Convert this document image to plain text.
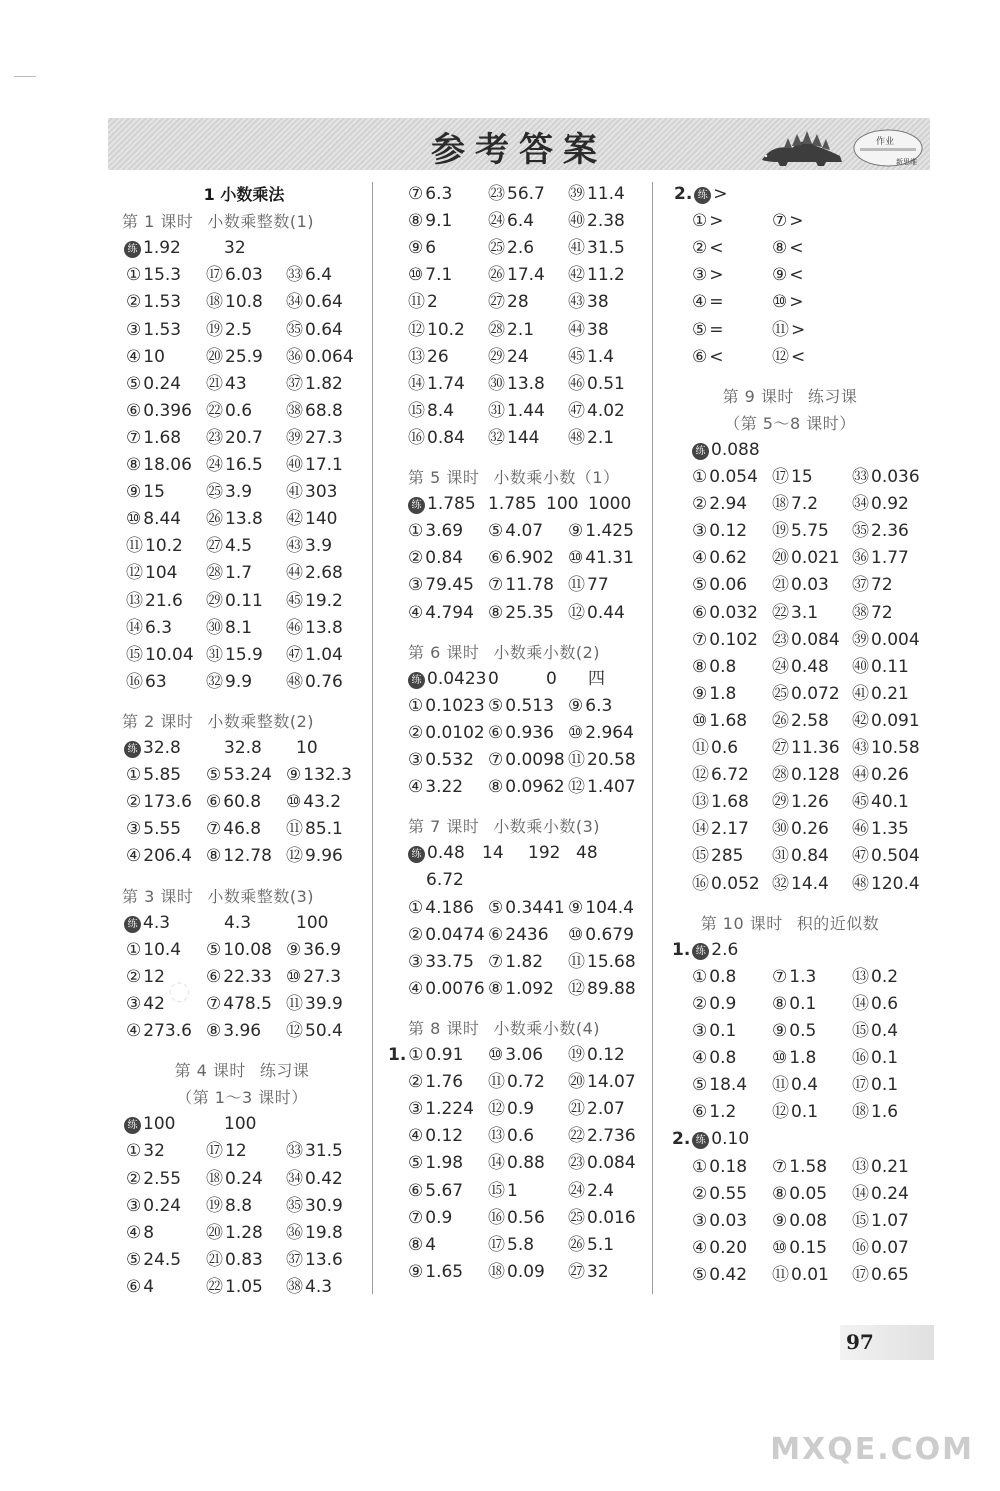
参考答案	作业
新思维
1 小数乘法
第 1 课时 小数乘整数(1)
练 1.92	32
① 15.3 ⑰ 6.03 ㉝ 6.4
② 1.53 ⑱ 10.8 ㉞ 0.64
③ 1.53 ⑲ 2.5 ㉟ 0.64
④ 10 ⑳ 25.9 ㊱ 0.064
⑤ 0.24 ㉑ 43 ㊲ 1.82
⑥ 0.396 ㉒ 0.6 ㊳ 68.8
⑦ 1.68 ㉓ 20.7 ㊴ 27.3
⑧ 18.06 ㉔ 16.5 ㊵ 17.1
⑨ 15 ㉕ 3.9 ㊶ 303
⑩ 8.44 ㉖ 13.8 ㊷ 140
⑪ 10.2 ㉗ 4.5 ㊸ 3.9
⑫ 104 ㉘ 1.7 ㊹ 2.68
⑬ 21.6 ㉙ 0.11 ㊺ 19.2
⑭ 6.3 ㉚ 8.1 ㊻ 13.8
⑮ 10.04 ㉛ 15.9 ㊼ 1.04
⑯ 63 ㉜ 9.9 ㊽ 0.76
第 2 课时 小数乘整数(2)
练 32.8	32.8 10
① 5.85 ⑤ 53.24 ⑨ 132.3
② 173.6 ⑥ 60.8 ⑩ 43.2
③ 5.55 ⑦ 46.8 ⑪ 85.1
④ 206.4 ⑧ 12.78 ⑫ 9.96
第 3 课时 小数乘整数(3)
练 4.3	4.3	100
① 10.4 ⑤ 10.08 ⑨ 36.9
② 12 ⑥ 22.33 ⑩ 27.3
③ 42 ⑦ 478.5 ⑪ 39.9
④ 273.6 ⑧ 3.96 ⑫ 50.4
第 4 课时 练习课
（第 1～3 课时）
练 100	100
① 32 ⑰ 12 ㉝ 31.5
② 2.55 ⑱ 0.24 ㉞ 0.42
③ 0.24 ⑲ 8.8 ㉟ 30.9
④ 8	⑳ 1.28 ㊱ 19.8
⑤ 24.5 ㉑ 0.83 ㊲ 13.6
⑥ 4	㉒ 1.05 ㊳ 4.3
⑦ 6.3 ㉓ 56.7 ㊴ 11.4
⑧ 9.1 ㉔ 6.4 ㊵ 2.38
⑨ 6	㉕ 2.6 ㊶ 31.5
⑩ 7.1 ㉖ 17.4 ㊷ 11.2
⑪ 2	㉗ 28 ㊸ 38
⑫ 10.2 ㉘ 2.1 ㊹ 38
⑬ 26 ㉙ 24 ㊺ 1.4
⑭ 1.74 ㉚ 13.8 ㊻ 0.51
⑮ 8.4 ㉛ 1.44 ㊼ 4.02
⑯ 0.84 ㉜ 144 ㊽ 2.1
第 5 课时 小数乘小数（1）
练 1.785 1.785 100 1000
① 3.69 ⑤ 4.07 ⑨ 1.425
② 0.84 ⑥ 6.902 ⑩ 41.31
③ 79.45 ⑦ 11.78 ⑪ 77
④ 4.794 ⑧ 25.35 ⑫ 0.44
第 6 课时 小数乘小数(2)
练 0.0423 0	0 四
① 0.1023 ⑤ 0.513 ⑨ 6.3
② 0.0102 ⑥ 0.936 ⑩ 2.964
③ 0.532 ⑦ 0.0098 ⑪ 20.58
④ 3.22 ⑧ 0.0962 ⑫ 1.407
第 7 课时 小数乘小数(3)
练 0.48 14 192 48
6.72
① 4.186 ⑤ 0.3441 ⑨ 104.4
② 0.0474 ⑥ 2436 ⑩ 0.679
③ 33.75 ⑦ 1.82 ⑪ 15.68
④ 0.0076 ⑧ 1.092 ⑫ 89.88
第 8 课时 小数乘小数(4)
1. ① 0.91 ⑩ 3.06 ⑲ 0.12
② 1.76 ⑪ 0.72 ⑳ 14.07
③ 1.224 ⑫ 0.9 ㉑ 2.07
④ 0.12 ⑬ 0.6 ㉒ 2.736
⑤ 1.98 ⑭ 0.88 ㉓ 0.084
⑥ 5.67 ⑮ 1	㉔ 2.4
⑦ 0.9 ⑯ 0.56 ㉕ 0.016
⑧ 4	⑰ 5.8 ㉖ 5.1
⑨ 1.65 ⑱ 0.09 ㉗ 32
2. 练 >
① >	⑦ >
② <	⑧ <
③ >	⑨ <
④ =	⑩ >
⑤ =	⑪ >
⑥ <	⑫ <
第 9 课时 练习课
（第 5～8 课时）
练 0.088
① 0.054 ⑰ 15 ㉝ 0.036
② 2.94 ⑱ 7.2 ㉞ 0.92
③ 0.12 ⑲ 5.75 ㉟ 2.36
④ 0.62 ⑳ 0.021 ㊱ 1.77
⑤ 0.06 ㉑ 0.03 ㊲ 72
⑥ 0.032 ㉒ 3.1 ㊳ 72
⑦ 0.102 ㉓ 0.084 ㊴ 0.004
⑧ 0.8 ㉔ 0.48 ㊵ 0.11
⑨ 1.8 ㉕ 0.072 ㊶ 0.21
⑩ 1.68 ㉖ 2.58 ㊷ 0.091
⑪ 0.6 ㉗ 11.36 ㊸ 10.58
⑫ 6.72 ㉘ 0.128 ㊹ 0.26
⑬ 1.68 ㉙ 1.26 ㊺ 40.1
⑭ 2.17 ㉚ 0.26 ㊻ 1.35
⑮ 285 ㉛ 0.84 ㊼ 0.504
⑯ 0.052 ㉜ 14.4 ㊽ 120.4
第 10 课时 积的近似数
1. 练 2.6
① 0.8 ⑦ 1.3 ⑬ 0.2
② 0.9 ⑧ 0.1 ⑭ 0.6
③ 0.1 ⑨ 0.5 ⑮ 0.4
④ 0.8 ⑩ 1.8 ⑯ 0.1
⑤ 18.4 ⑪ 0.4 ⑰ 0.1
⑥ 1.2 ⑫ 0.1 ⑱ 1.6
2. 练 0.10
① 0.18 ⑦ 1.58 ⑬ 0.21
② 0.55 ⑧ 0.05 ⑭ 0.24
③ 0.03 ⑨ 0.08 ⑮ 1.07
④ 0.20 ⑩ 0.15 ⑯ 0.07
⑤ 0.42 ⑪ 0.01 ⑰ 0.65
◌
97
MXQE.COM
